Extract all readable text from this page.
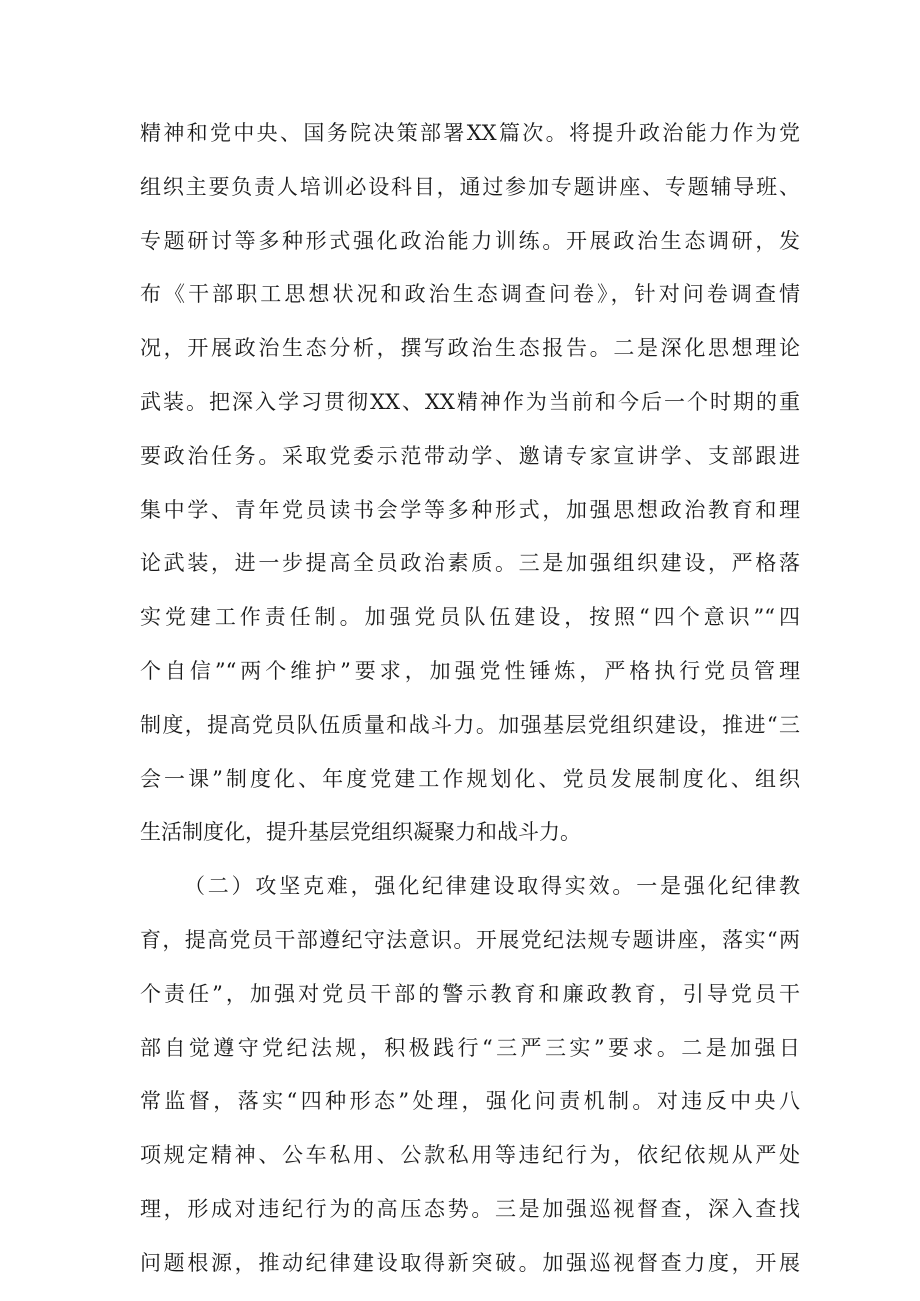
精神和党中央、国务院决策部署XX篇次。将提升政治能力作为党
组织主要负责人培训必设科目，通过参加专题讲座、专题辅导班、
专题研讨等多种形式强化政治能力训练。开展政治生态调研，发
布《干部职工思想状况和政治生态调查问卷》，针对问卷调查情
况，开展政治生态分析，撰写政治生态报告。二是深化思想理论
武装。把深入学习贯彻XX、XX精神作为当前和今后一个时期的重
要政治任务。采取党委示范带动学、邀请专家宣讲学、支部跟进
集中学、青年党员读书会学等多种形式，加强思想政治教育和理
论武装，进一步提高全员政治素质。三是加强组织建设，严格落
实党建工作责任制。加强党员队伍建设，按照“四个意识”“四
个自信”“两个维护”要求，加强党性锤炼，严格执行党员管理
制度，提高党员队伍质量和战斗力。加强基层党组织建设，推进“三
会一课”制度化、年度党建工作规划化、党员发展制度化、组织
生活制度化，提升基层党组织凝聚力和战斗力。
（二）攻坚克难，强化纪律建设取得实效。一是强化纪律教
育，提高党员干部遵纪守法意识。开展党纪法规专题讲座，落实“两
个责任”，加强对党员干部的警示教育和廉政教育，引导党员干
部自觉遵守党纪法规，积极践行“三严三实”要求。二是加强日
常监督，落实“四种形态”处理，强化问责机制。对违反中央八
项规定精神、公车私用、公款私用等违纪行为，依纪依规从严处
理，形成对违纪行为的高压态势。三是加强巡视督查，深入查找
问题根源，推动纪律建设取得新突破。加强巡视督查力度，开展
